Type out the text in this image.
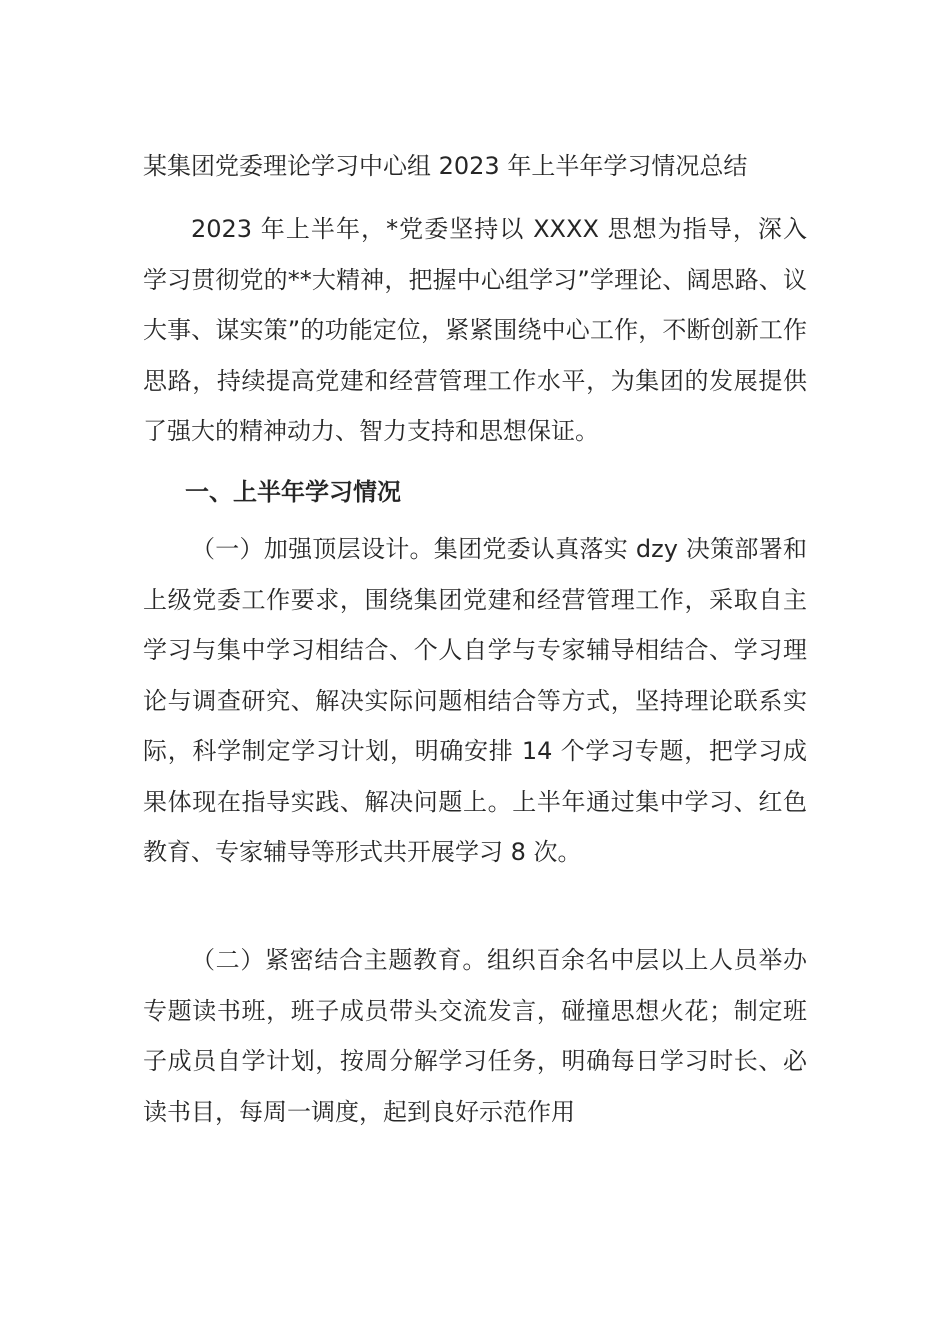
某集团党委理论学习中心组 2023 年上半年学习情况总结

2023 年上半年，*党委坚持以 XXXX 思想为指导，深入学习贯彻党的**大精神，把握中心组学习”学理论、阔思路、议大事、谋实策”的功能定位，紧紧围绕中心工作，不断创新工作思路，持续提高党建和经营管理工作水平，为集团的发展提供了强大的精神动力、智力支持和思想保证。

一、上半年学习情况

（一）加强顶层设计。集团党委认真落实 dzy 决策部署和上级党委工作要求，围绕集团党建和经营管理工作，采取自主学习与集中学习相结合、个人自学与专家辅导相结合、学习理论与调查研究、解决实际问题相结合等方式，坚持理论联系实际，科学制定学习计划，明确安排 14 个学习专题，把学习成果体现在指导实践、解决问题上。上半年通过集中学习、红色教育、专家辅导等形式共开展学习 8 次。

（二）紧密结合主题教育。组织百余名中层以上人员举办专题读书班，班子成员带头交流发言，碰撞思想火花；制定班子成员自学计划，按周分解学习任务，明确每日学习时长、必读书目，每周一调度，起到良好示范作用
